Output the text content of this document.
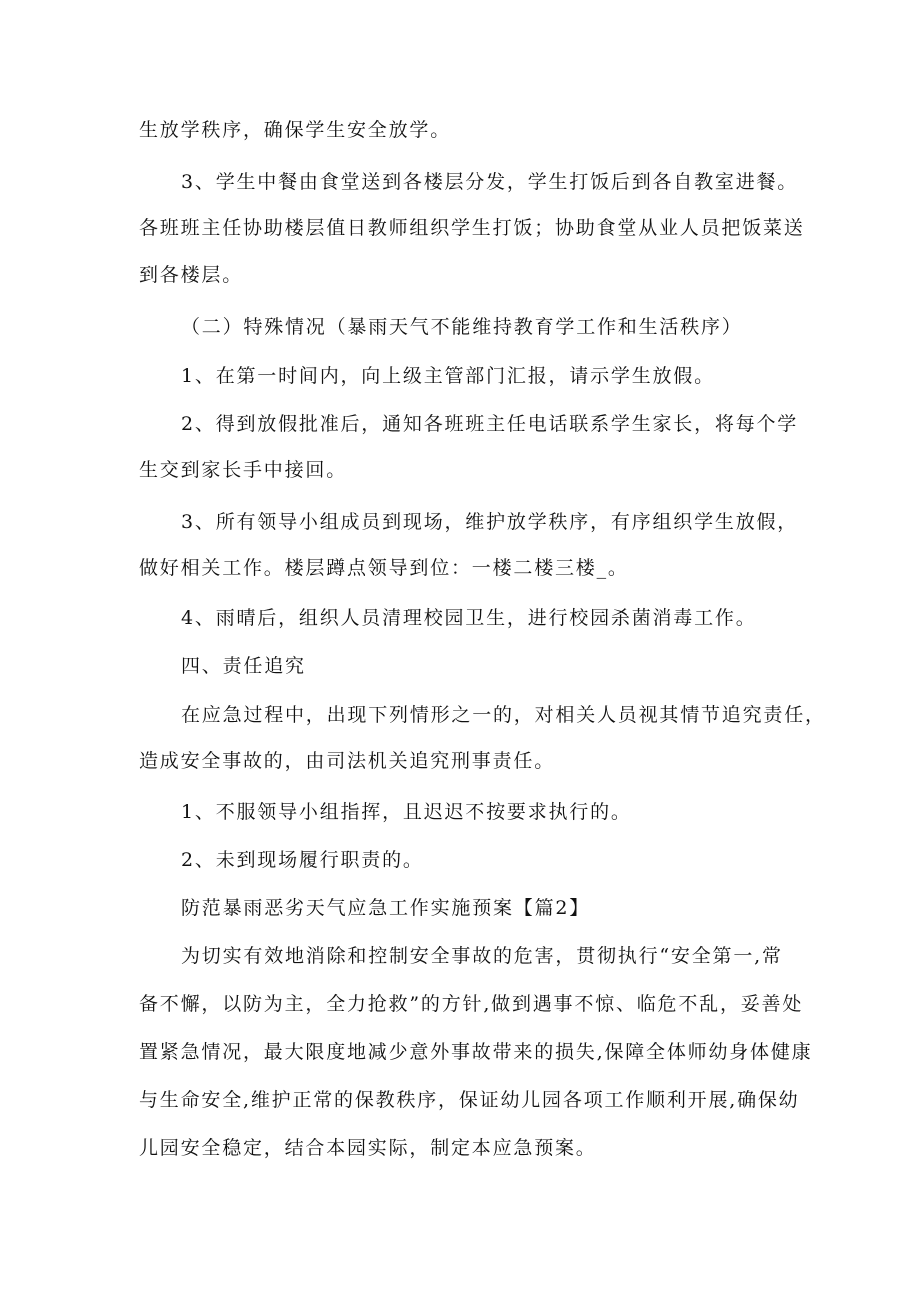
生放学秩序，确保学生安全放学。
3、学生中餐由食堂送到各楼层分发，学生打饭后到各自教室进餐。
各班班主任协助楼层值日教师组织学生打饭；协助食堂从业人员把饭菜送
到各楼层。
（二）特殊情况（暴雨天气不能维持教育学工作和生活秩序）
1、在第一时间内，向上级主管部门汇报，请示学生放假。
2、得到放假批准后，通知各班班主任电话联系学生家长，将每个学
生交到家长手中接回。
3、所有领导小组成员到现场，维护放学秩序，有序组织学生放假，
做好相关工作。楼层蹲点领导到位：一楼二楼三楼_。
4、雨晴后，组织人员清理校园卫生，进行校园杀菌消毒工作。
四、责任追究
在应急过程中，出现下列情形之一的，对相关人员视其情节追究责任，
造成安全事故的，由司法机关追究刑事责任。
1、不服领导小组指挥，且迟迟不按要求执行的。
2、未到现场履行职责的。
防范暴雨恶劣天气应急工作实施预案【篇2】
为切实有效地消除和控制安全事故的危害，贯彻执行“安全第一,常
备不懈，以防为主，全力抢救”的方针,做到遇事不惊、临危不乱，妥善处
置紧急情况，最大限度地减少意外事故带来的损失,保障全体师幼身体健康
与生命安全,维护正常的保教秩序，保证幼儿园各项工作顺利开展,确保幼
儿园安全稳定，结合本园实际，制定本应急预案。
